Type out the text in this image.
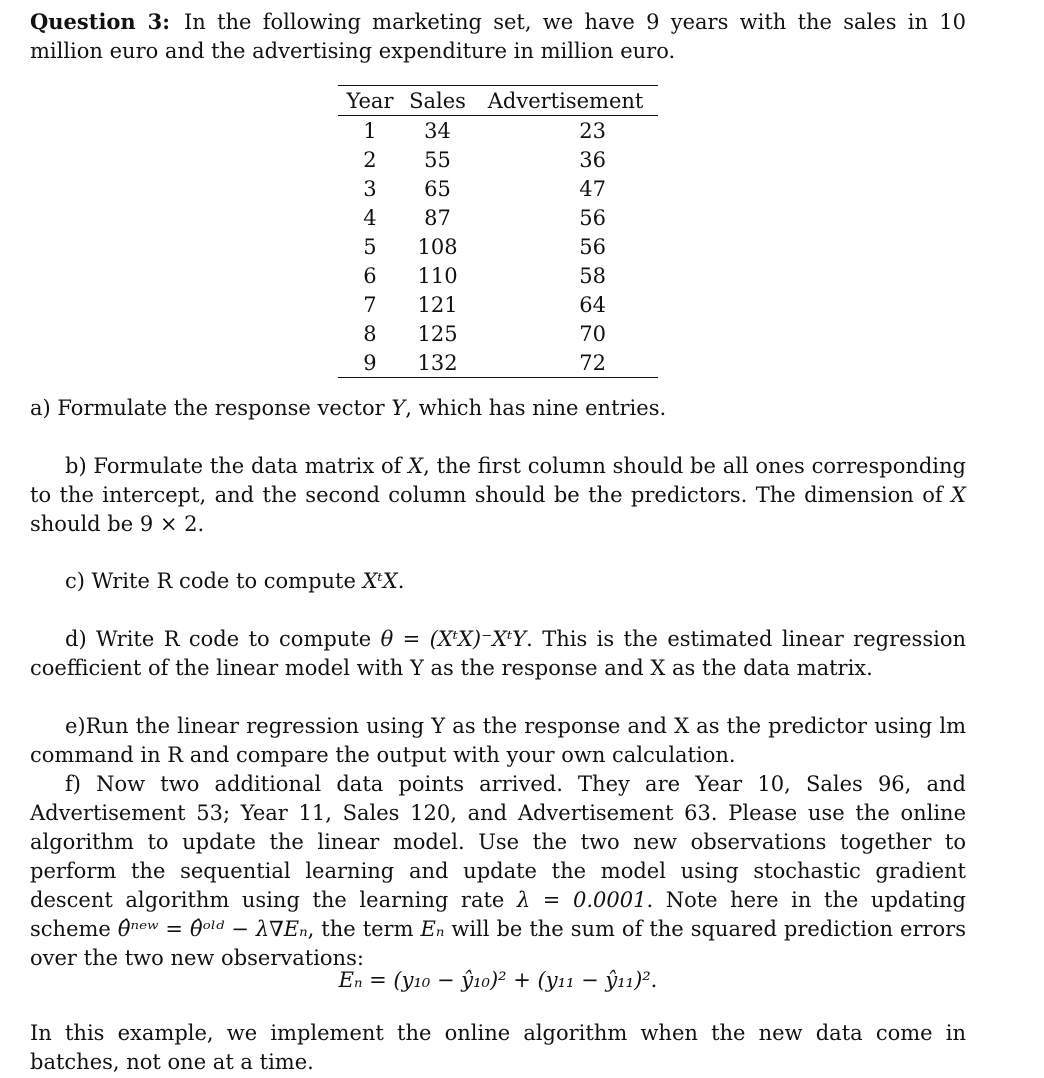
Question 3: In the following marketing set, we have 9 years with the sales in 10 million euro and the advertising expenditure in million euro.

Year	Sales	Advertisement
1	34	23
2	55	36
3	65	47
4	87	56
5	108	56
6	110	58
7	121	64
8	125	70
9	132	72

a) Formulate the response vector Y, which has nine entries.

b) Formulate the data matrix of X, the first column should be all ones corresponding to the intercept, and the second column should be the predictors. The dimension of X should be 9 × 2.

c) Write R code to compute XᵗX.

d) Write R code to compute θ = (XᵗX)⁻XᵗY. This is the estimated linear regression coefficient of the linear model with Y as the response and X as the data matrix.

e)Run the linear regression using Y as the response and X as the predictor using lm command in R and compare the output with your own calculation.

f) Now two additional data points arrived. They are Year 10, Sales 96, and Advertisement 53; Year 11, Sales 120, and Advertisement 63. Please use the online algorithm to update the linear model. Use the two new observations together to perform the sequential learning and update the model using stochastic gradient descent algorithm using the learning rate λ = 0.0001. Note here in the updating scheme θ̂ⁿᵉʷ = θ̂ᵒˡᵈ − λ∇Eₙ, the term Eₙ will be the sum of the squared prediction errors over the two new observations:

Eₙ = (y₁₀ − ŷ₁₀)² + (y₁₁ − ŷ₁₁)².

In this example, we implement the online algorithm when the new data come in batches, not one at a time.
